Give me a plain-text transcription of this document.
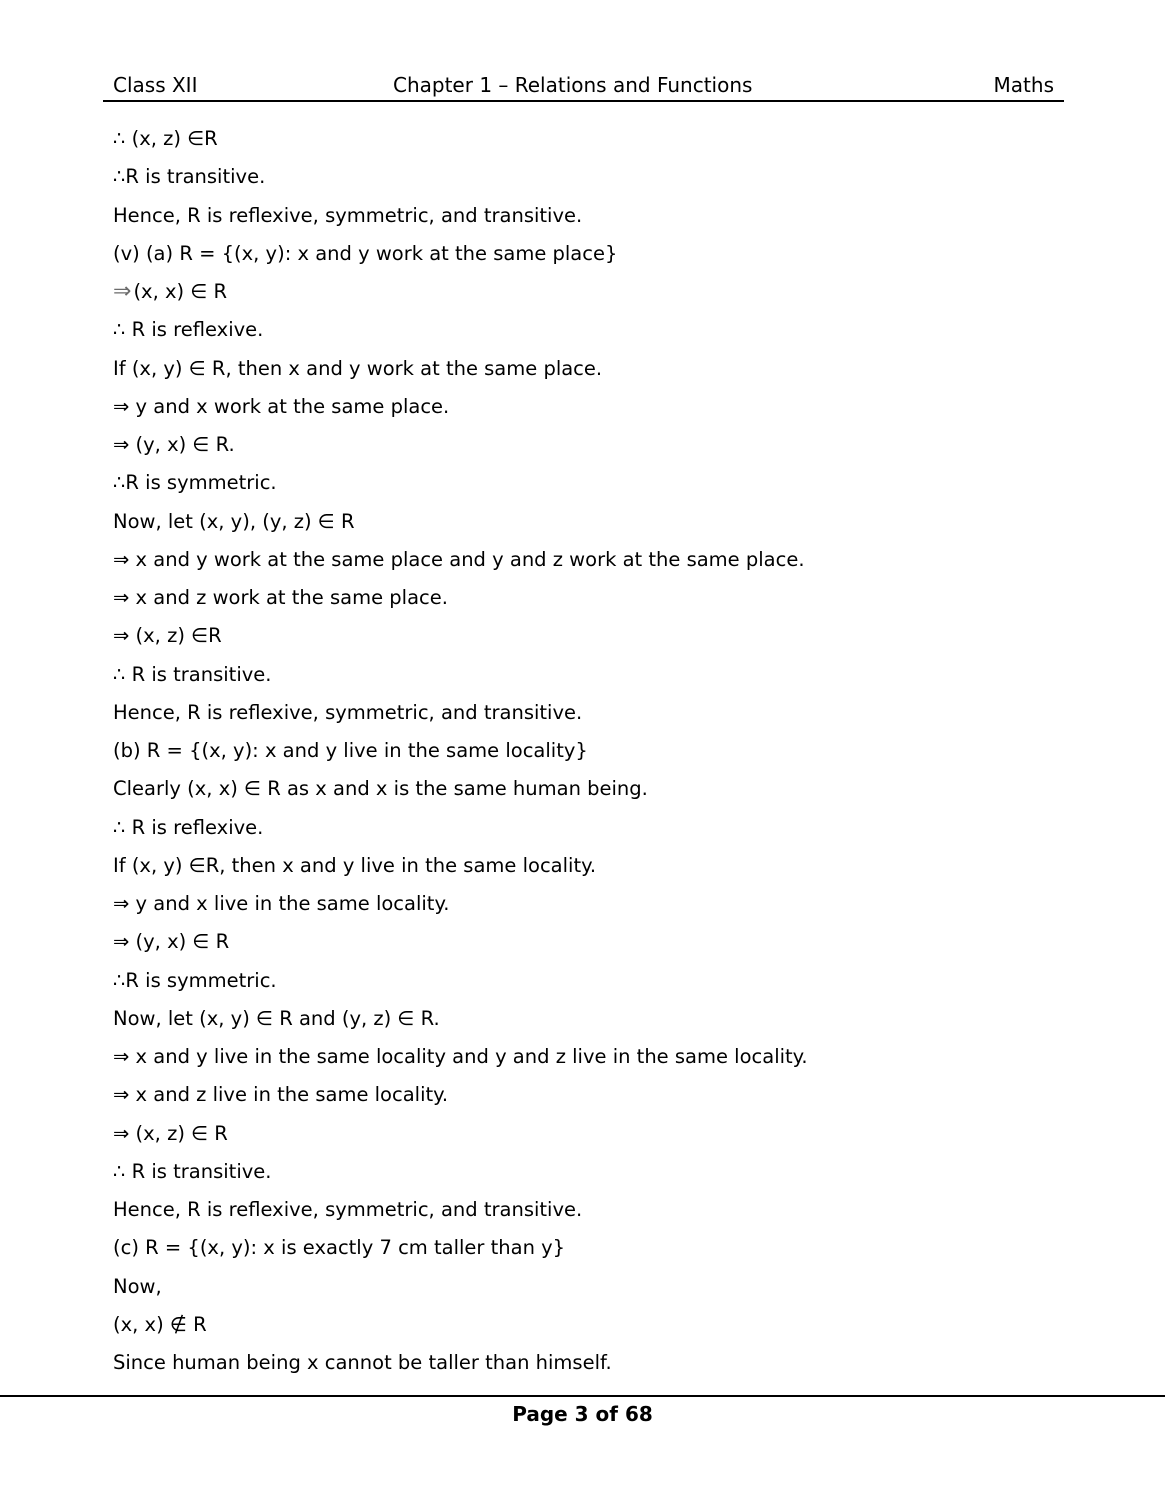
Class XII	Chapter 1 – Relations and Functions	Maths
∴ (x, z) ∈R
∴R is transitive.
Hence, R is reflexive, symmetric, and transitive.
(v) (a) R = {(x, y): x and y work at the same place}
⇒ (x, x) ∈ R
∴ R is reflexive.
If (x, y) ∈ R, then x and y work at the same place.
⇒ y and x work at the same place.
⇒ (y, x) ∈ R.
∴R is symmetric.
Now, let (x, y), (y, z) ∈ R
⇒ x and y work at the same place and y and z work at the same place.
⇒ x and z work at the same place.
⇒ (x, z) ∈R
∴ R is transitive.
Hence, R is reflexive, symmetric, and transitive.
(b) R = {(x, y): x and y live in the same locality}
Clearly (x, x) ∈ R as x and x is the same human being.
∴ R is reflexive.
If (x, y) ∈R, then x and y live in the same locality.
⇒ y and x live in the same locality.
⇒ (y, x) ∈ R
∴R is symmetric.
Now, let (x, y) ∈ R and (y, z) ∈ R.
⇒ x and y live in the same locality and y and z live in the same locality.
⇒ x and z live in the same locality.
⇒ (x, z) ∈ R
∴ R is transitive.
Hence, R is reflexive, symmetric, and transitive.
(c) R = {(x, y): x is exactly 7 cm taller than y}
Now,
(x, x) ∉ R
Since human being x cannot be taller than himself.
Page 3 of 68
